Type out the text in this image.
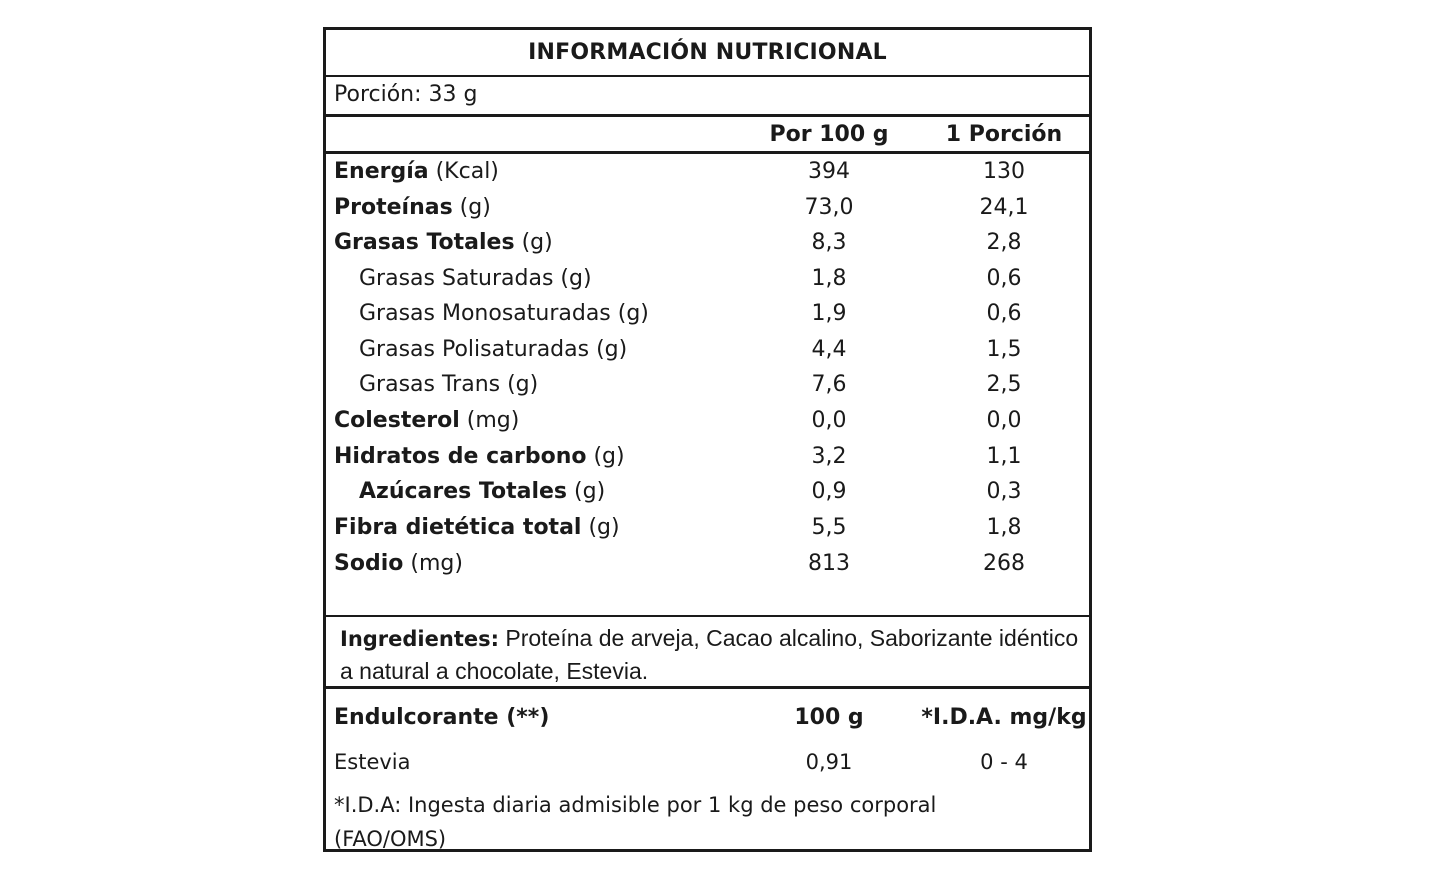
INFORMACIÓN NUTRICIONAL
Porción: 33 g
Por 100 g	1 Porción
Energía (Kcal)	394	130
Proteínas (g)	73,0	24,1
Grasas Totales (g)	8,3	2,8
Grasas Saturadas (g)	1,8	0,6
Grasas Monosaturadas (g)	1,9	0,6
Grasas Polisaturadas (g)	4,4	1,5
Grasas Trans (g)	7,6	2,5
Colesterol (mg)	0,0	0,0
Hidratos de carbono (g)	3,2	1,1
Azúcares Totales (g)	0,9	0,3
Fibra dietética total (g)	5,5	1,8
Sodio (mg)	813	268
Ingredientes: Proteína de arveja, Cacao alcalino, Saborizante idéntico a natural a chocolate, Estevia.
Endulcorante (**)	100 g	*I.D.A. mg/kg
Estevia	0,91	0 - 4
*I.D.A: Ingesta diaria admisible por 1 kg de peso corporal (FAO/OMS)
